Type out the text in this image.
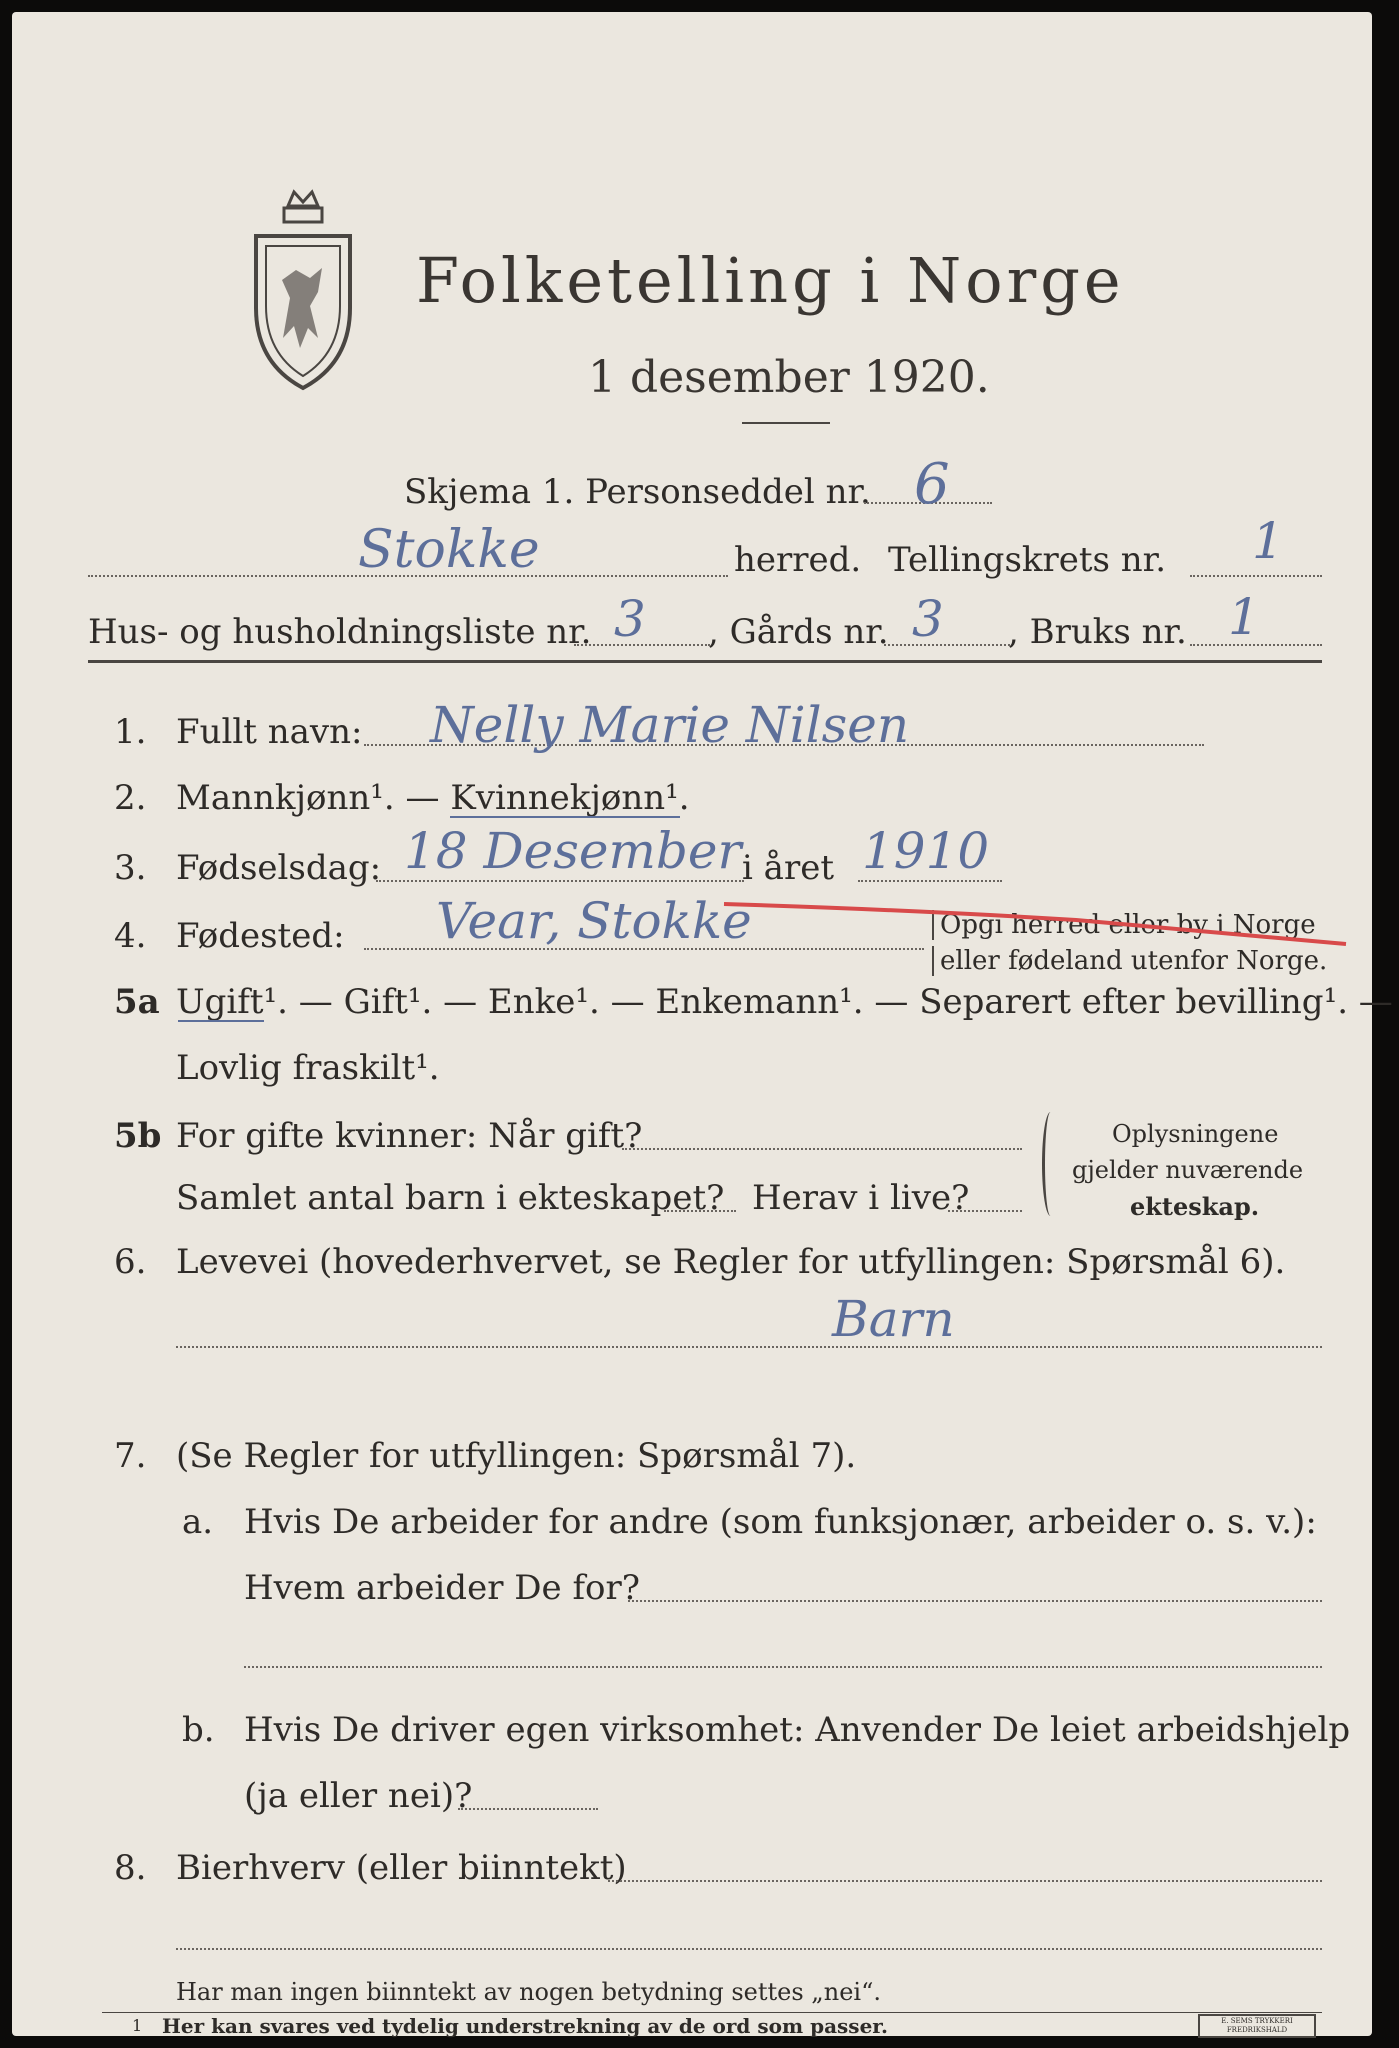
Folketelling i Norge
1 desember 1920.
Skjema 1. Personseddel nr. 6
Stokke	herred. Tellingskrets nr. 1
Hus- og husholdningsliste nr. 3 , Gårds nr. 3 , Bruks nr. 1
1. Fullt navn: Nelly Marie Nilsen
2. Mannkjønn¹. — Kvinnekjønn¹.
3. Fødselsdag: 18 Desember i året 1910
4. Fødested: Vear, Stokke	Opgi herred eller by i Norge
eller fødeland utenfor Norge.
5a Ugift¹. — Gift¹. — Enke¹. — Enkemann¹. — Separert efter bevilling¹. —
Lovlig fraskilt¹.
5b For gifte kvinner: Når gift?
Samlet antal barn i ekteskapet? Herav i live?
Oplysningene
gjelder nuværende
ekteskap.
6. Levevei (hovederhvervet, se Regler for utfyllingen: Spørsmål 6).
Barn
7. (Se Regler for utfyllingen: Spørsmål 7).
a. Hvis De arbeider for andre (som funksjonær, arbeider o. s. v.):
Hvem arbeider De for?
b. Hvis De driver egen virksomhet: Anvender De leiet arbeidshjelp
(ja eller nei)?
8. Bierhverv (eller biinntekt)
Har man ingen biinntekt av nogen betydning settes „nei“.
1 Her kan svares ved tydelig understrekning av de ord som passer.	E. SEMS TRYKKERI FREDRIKSHALD
